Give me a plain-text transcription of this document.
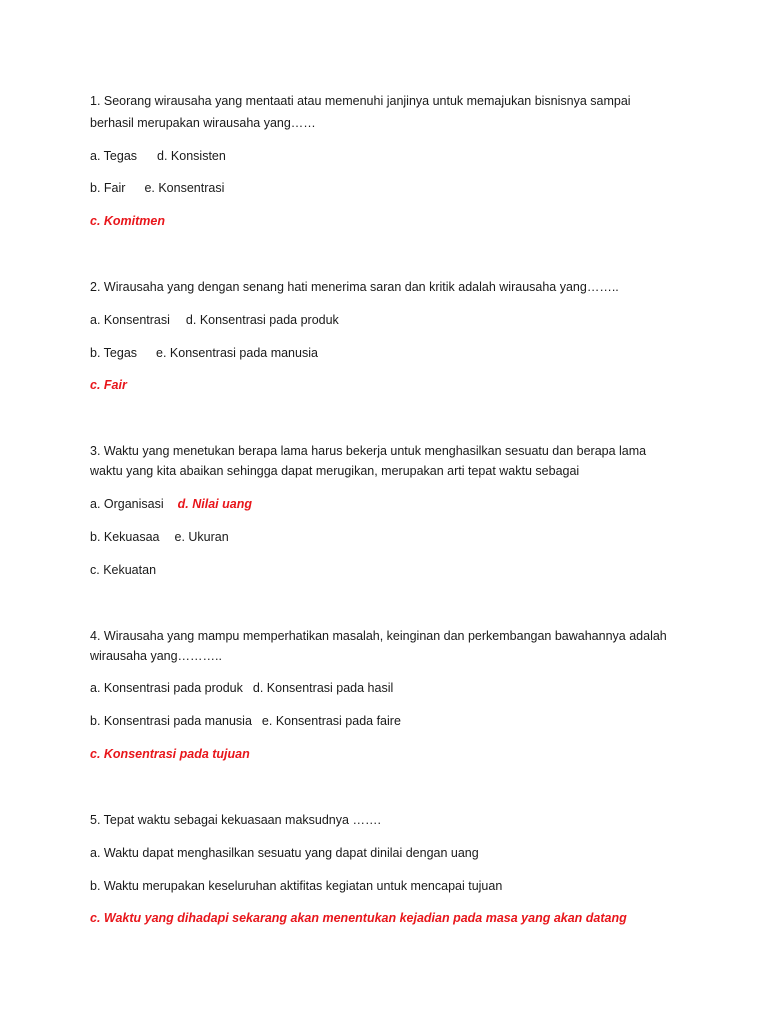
1. Seorang wirausaha yang mentaati atau memenuhi janjinya untuk memajukan bisnisnya sampai

berhasil merupakan wirausaha yang……

a. Tegas d. Konsisten

b. Fair e. Konsentrasi

c. Komitmen

2. Wirausaha yang dengan senang hati menerima saran dan kritik adalah wirausaha yang……..

a. Konsentrasi d. Konsentrasi pada produk

b. Tegas e. Konsentrasi pada manusia

c. Fair

3. Waktu yang menetukan berapa lama harus bekerja untuk menghasilkan sesuatu dan berapa lama

waktu yang kita abaikan sehingga dapat merugikan, merupakan arti tepat waktu sebagai

a. Organisasi d. Nilai uang

b. Kekuasaa e. Ukuran

c. Kekuatan

4. Wirausaha yang mampu memperhatikan masalah, keinginan dan perkembangan bawahannya adalah

wirausaha yang………..

a. Konsentrasi pada produk d. Konsentrasi pada hasil

b. Konsentrasi pada manusia e. Konsentrasi pada faire

c. Konsentrasi pada tujuan

5. Tepat waktu sebagai kekuasaan maksudnya …….

a. Waktu dapat menghasilkan sesuatu yang dapat dinilai dengan uang

b. Waktu merupakan keseluruhan aktifitas kegiatan untuk mencapai tujuan

c. Waktu yang dihadapi sekarang akan menentukan kejadian pada masa yang akan datang
